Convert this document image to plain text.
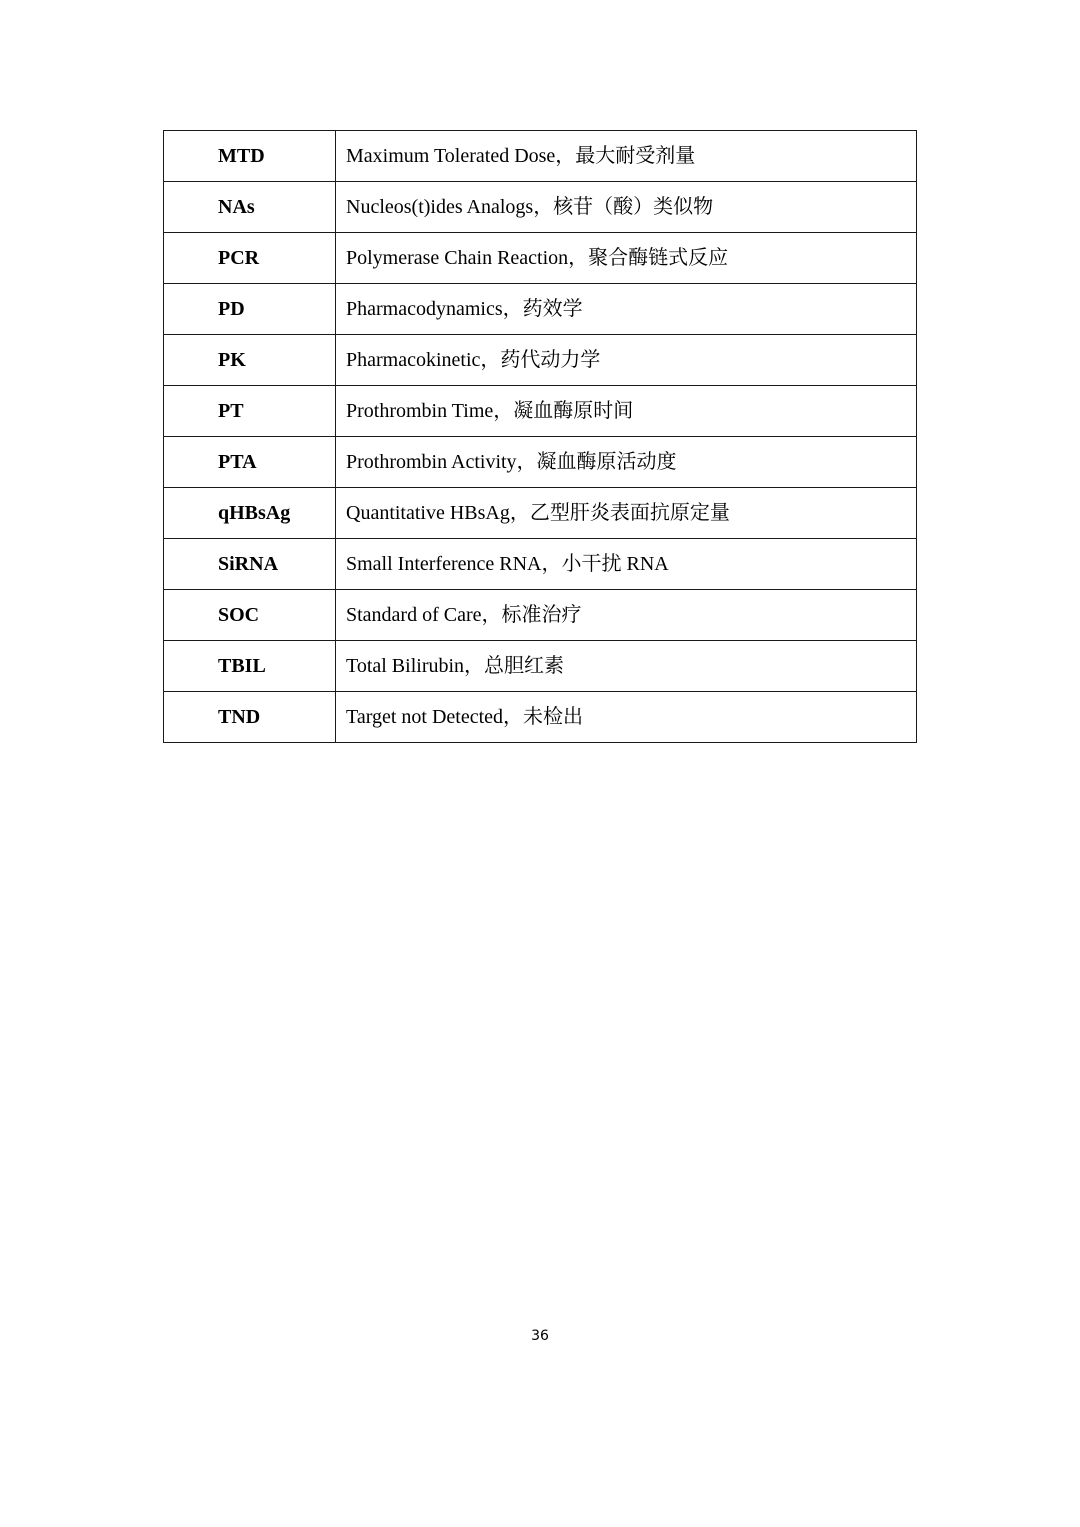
MTD	Maximum Tolerated Dose，最大耐受剂量
NAs	Nucleos(t)ides Analogs，核苷（酸）类似物
PCR	Polymerase Chain Reaction，聚合酶链式反应
PD	Pharmacodynamics，药效学
PK	Pharmacokinetic，药代动力学
PT	Prothrombin Time，凝血酶原时间
PTA	Prothrombin Activity，凝血酶原活动度
qHBsAg	Quantitative HBsAg，乙型肝炎表面抗原定量
SiRNA	Small Interference RNA，小干扰 RNA
SOC	Standard of Care，标准治疗
TBIL	Total Bilirubin，总胆红素
TND	Target not Detected，未检出
36
